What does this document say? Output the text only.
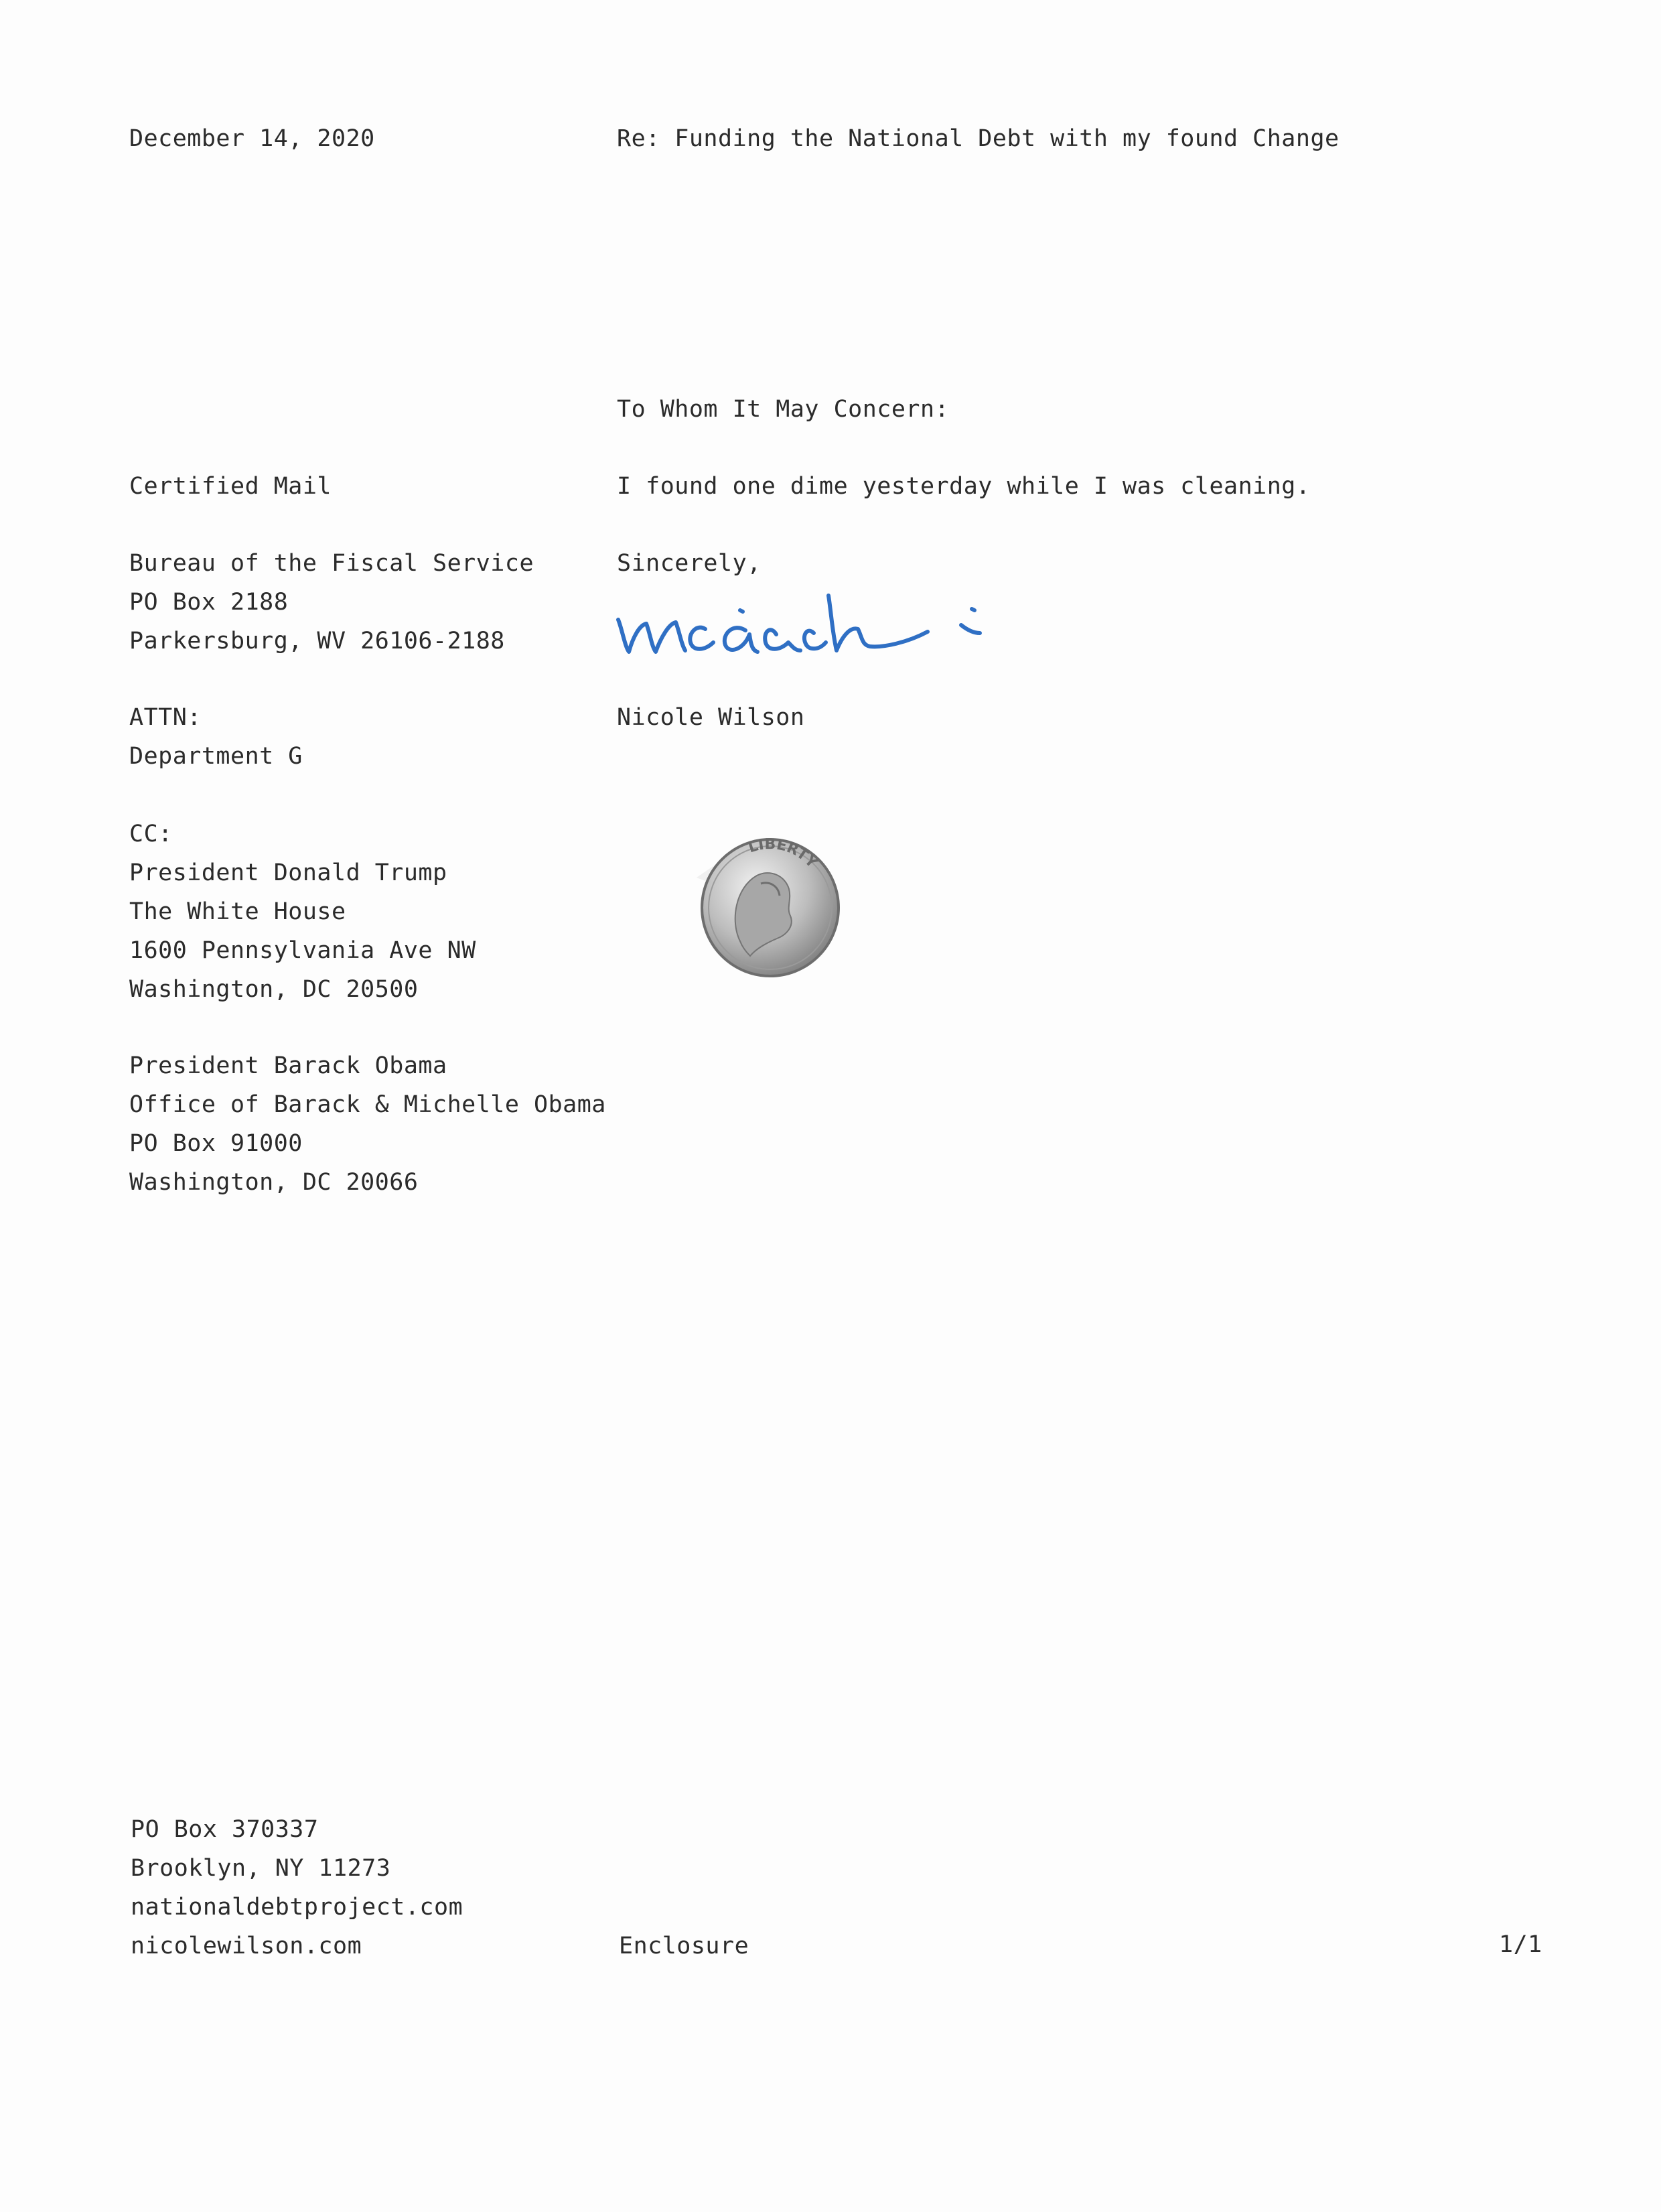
December 14, 2020	Re: Funding the National Debt with my found Change
To Whom It May Concern:
Certified Mail	I found one dime yesterday while I was cleaning.
Bureau of the Fiscal Service
PO Box 2188
Parkersburg, WV 26106-2188
Sincerely,
ATTN:
Department G
Nicole Wilson
CC:
President Donald Trump
The White House
1600 Pennsylvania Ave NW
Washington, DC 20500
LIBERTY
President Barack Obama
Office of Barack & Michelle Obama
PO Box 91000
Washington, DC 20066
PO Box 370337
Brooklyn, NY 11273
nationaldebtproject.com
nicolewilson.com	Enclosure	1/1
